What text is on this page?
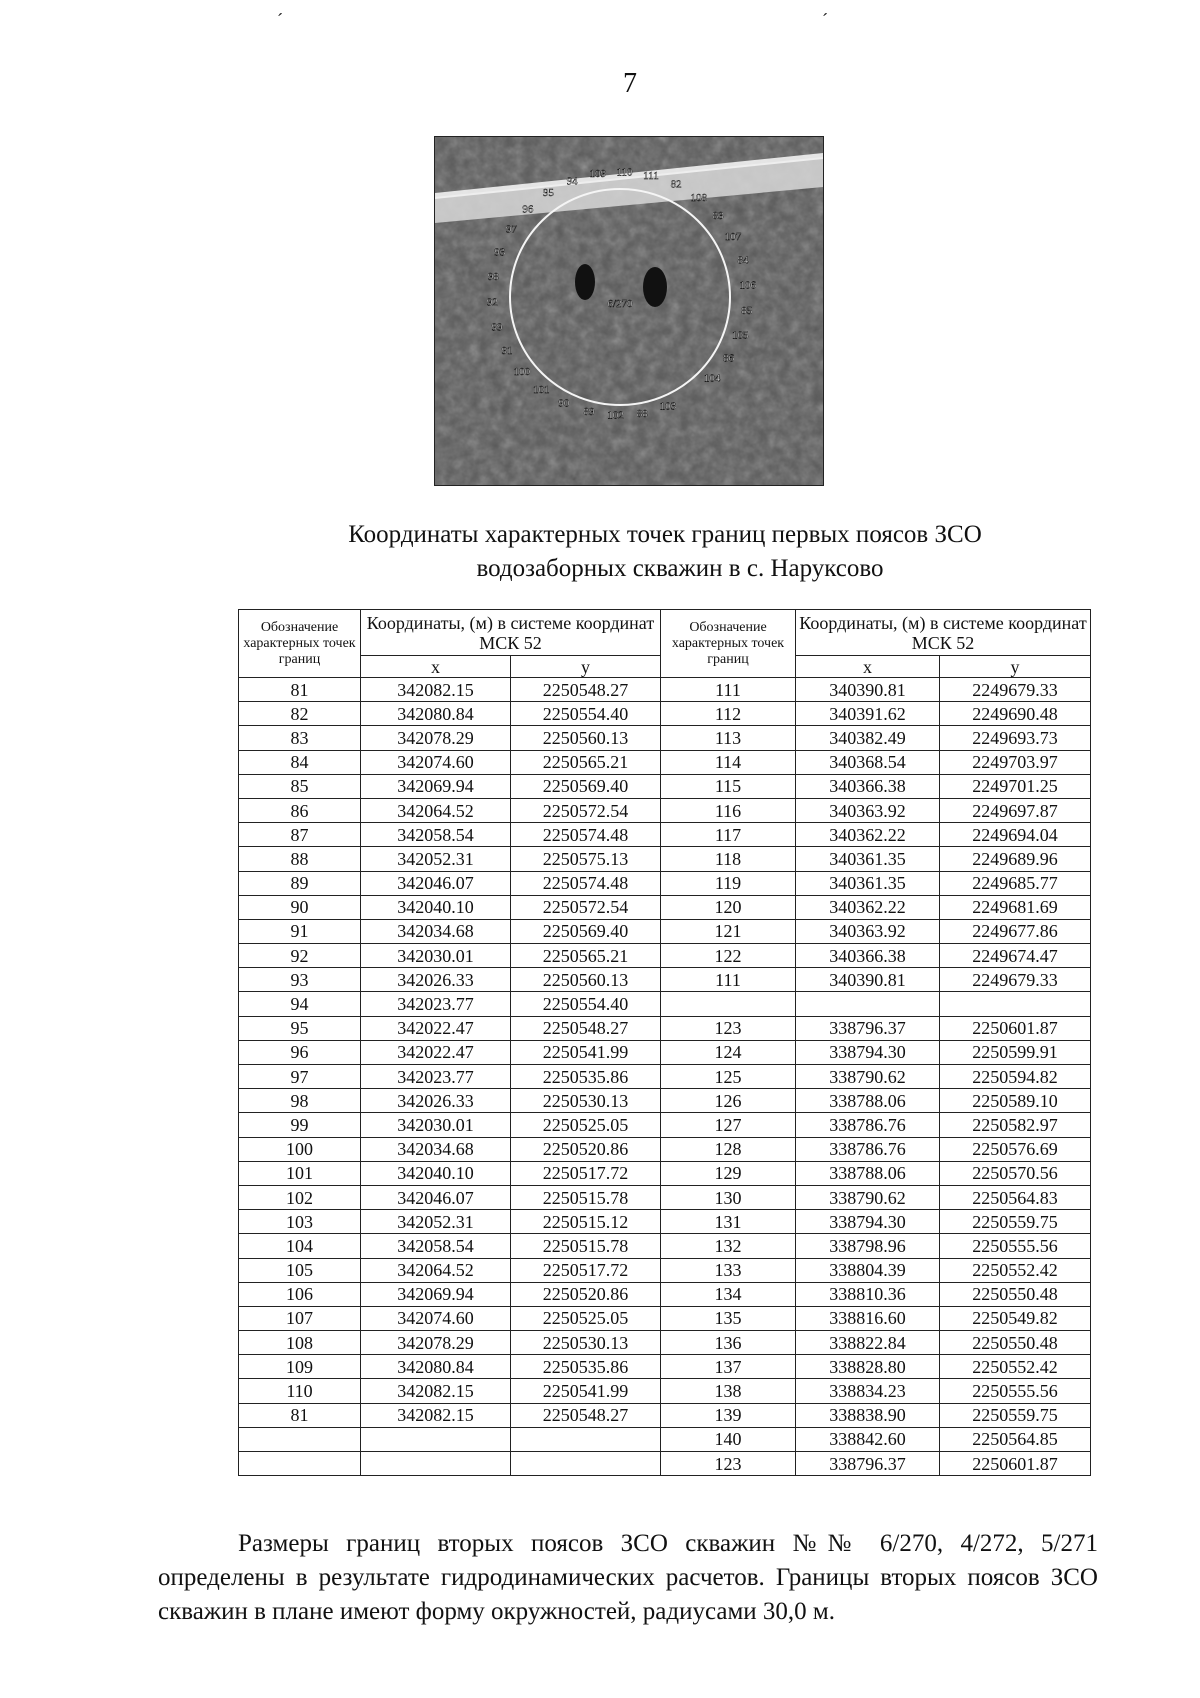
ˊ	ˊ
7
109 110 111
82
108
83
107
84
106
85
105
86
104
6/270
103
88
102
89
90
101
100
91
99
92
98
93
97
96
95
94
Координаты характерных точек границ первых поясов ЗСО
водозаборных скважин в с. Наруксово
Обозначение характерных точек границ	Координаты, (м) в системе координат МСК 52		Обозначение характерных точек границ	Координаты, (м) в системе координат МСК 52	
	х	у		х	у
81	342082.15	2250548.27	111	340390.81	2249679.33
82	342080.84	2250554.40	112	340391.62	2249690.48
83	342078.29	2250560.13	113	340382.49	2249693.73
84	342074.60	2250565.21	114	340368.54	2249703.97
85	342069.94	2250569.40	115	340366.38	2249701.25
86	342064.52	2250572.54	116	340363.92	2249697.87
87	342058.54	2250574.48	117	340362.22	2249694.04
88	342052.31	2250575.13	118	340361.35	2249689.96
89	342046.07	2250574.48	119	340361.35	2249685.77
90	342040.10	2250572.54	120	340362.22	2249681.69
91	342034.68	2250569.40	121	340363.92	2249677.86
92	342030.01	2250565.21	122	340366.38	2249674.47
93	342026.33	2250560.13	111	340390.81	2249679.33
94	342023.77	2250554.40			
95	342022.47	2250548.27	123	338796.37	2250601.87
96	342022.47	2250541.99	124	338794.30	2250599.91
97	342023.77	2250535.86	125	338790.62	2250594.82
98	342026.33	2250530.13	126	338788.06	2250589.10
99	342030.01	2250525.05	127	338786.76	2250582.97
100	342034.68	2250520.86	128	338786.76	2250576.69
101	342040.10	2250517.72	129	338788.06	2250570.56
102	342046.07	2250515.78	130	338790.62	2250564.83
103	342052.31	2250515.12	131	338794.30	2250559.75
104	342058.54	2250515.78	132	338798.96	2250555.56
105	342064.52	2250517.72	133	338804.39	2250552.42
106	342069.94	2250520.86	134	338810.36	2250550.48
107	342074.60	2250525.05	135	338816.60	2250549.82
108	342078.29	2250530.13	136	338822.84	2250550.48
109	342080.84	2250535.86	137	338828.80	2250552.42
110	342082.15	2250541.99	138	338834.23	2250555.56
81	342082.15	2250548.27	139	338838.90	2250559.75
			140	338842.60	2250564.85
			123	338796.37	2250601.87
Размеры границ вторых поясов ЗСО скважин №№ 6/270, 4/272, 5/271
определены в результате гидродинамических расчетов. Границы вторых поясов ЗСО скважин в плане имеют форму окружностей, радиусами 30,0 м.
